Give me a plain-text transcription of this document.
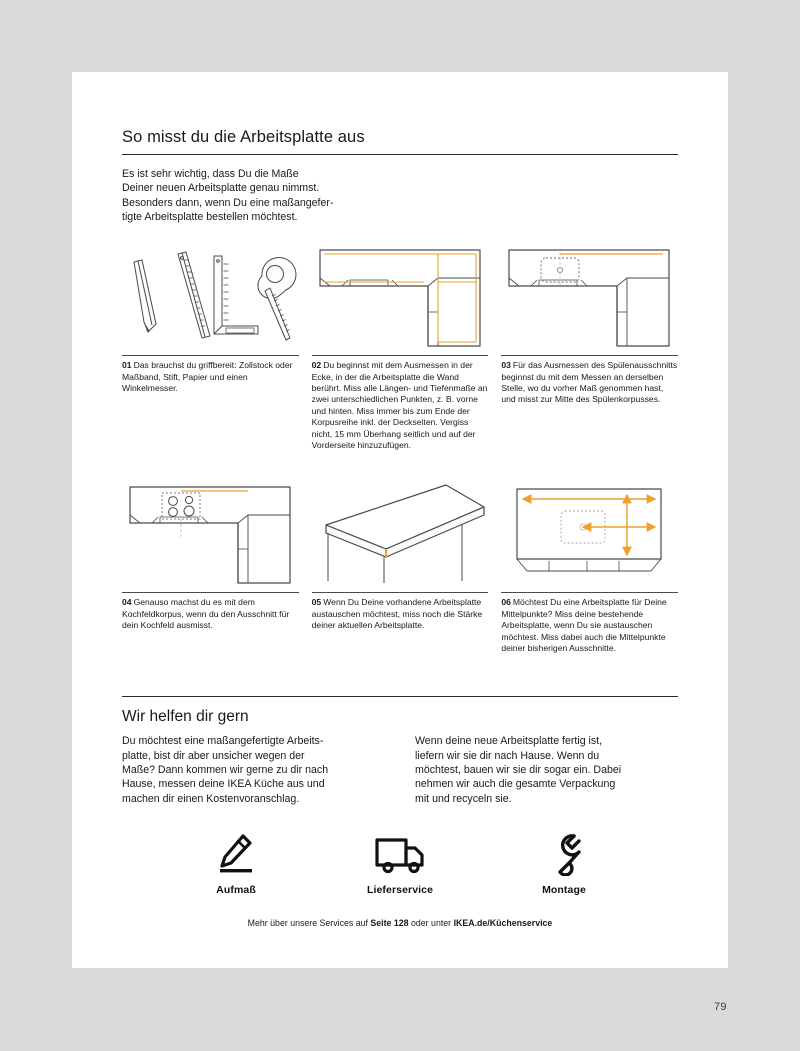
So misst du die Arbeitsplatte aus

Es ist sehr wichtig, dass Du die Maße
Deiner neuen Arbeitsplatte genau nimmst.
Besonders dann, wenn Du eine maßangefer-
tigte Arbeitsplatte bestellen möchtest.

01 Das brauchst du griffbereit: Zollstock oder Maßband, Stift, Papier und einen Winkelmesser.

02 Du beginnst mit dem Ausmessen in der Ecke, in der die Arbeitsplatte die Wand berührt. Miss alle Längen- und Tiefenmaße an zwei unterschiedlichen Punkten, z. B. vorne und hinten. Miss immer bis zum Ende der Korpusreihe inkl. der Deckseiten. Vergiss nicht, 15 mm Überhang seitlich und auf der Vorderseite hinzuzufügen.

03 Für das Ausmessen des Spülenausschnitts beginnst du mit dem Messen an derselben Stelle, wo du vorher Maß genommen hast, und misst zur Mitte des Spülenkorpusses.

04 Genauso machst du es mit dem Kochfeldkorpus, wenn du den Ausschnitt für dein Kochfeld ausmisst.

05 Wenn Du Deine vorhandene Arbeitsplatte austauschen möchtest, miss noch die Stärke deiner aktuellen Arbeitsplatte.

06 Möchtest Du eine Arbeitsplatte für Deine Mittelpunkte? Miss deine bestehende Arbeitsplatte, wenn Du sie austauschen möchtest. Miss dabei auch die Mittelpunkte deiner bisherigen Ausschnitte.

Wir helfen dir gern

Du möchtest eine maßangefertigte Arbeits-
platte, bist dir aber unsicher wegen der
Maße? Dann kommen wir gerne zu dir nach
Hause, messen deine IKEA Küche aus und
machen dir einen Kostenvoranschlag.

Wenn deine neue Arbeitsplatte fertig ist,
liefern wir sie dir nach Hause. Wenn du
möchtest, bauen wir sie dir sogar ein. Dabei
nehmen wir auch die gesamte Verpackung
mit und recyceln sie.

Aufmaß	Lieferservice	Montage
Mehr über unsere Services auf Seite 128 oder unter IKEA.de/Küchenservice
79
